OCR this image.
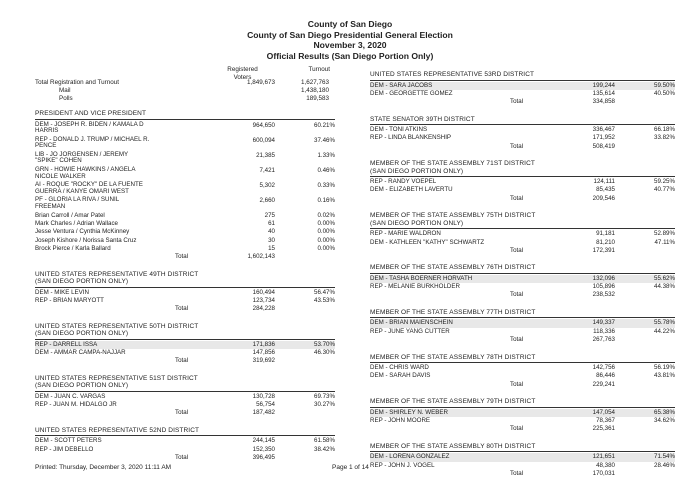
County of San Diego
County of San Diego Presidential General Election
November 3, 2020
Official Results (San Diego Portion Only)
Registered
Voters
Turnout
Total Registration and Turnout	1,849,673	1,627,763
Mail	1,438,180
Polls	189,583
PRESIDENT AND VICE PRESIDENT
DEM - JOSEPH R. BIDEN / KAMALA D
HARRIS
964,650	60.21%
REP - DONALD J. TRUMP / MICHAEL R.
PENCE
600,094	37.46%
LIB - JO JORGENSEN / JEREMY
"SPIKE" COHEN
21,385	1.33%
GRN - HOWIE HAWKINS / ANGELA
NICOLE WALKER
7,421	0.46%
AI - ROQUE "ROCKY" DE LA FUENTE
GUERRA / KANYE OMARI WEST
5,302	0.33%
PF - GLORIA LA RIVA / SUNIL
FREEMAN
2,660	0.16%
Brian Carroll / Amar Patel	275	0.02%
Mark Charles / Adrian Wallace	61	0.00%
Jesse Ventura / Cynthia McKinney	40	0.00%
Joseph Kishore / Norissa Santa Cruz	30	0.00%
Brock Pierce / Karla Ballard	15	0.00%
Total	1,602,143
UNITED STATES REPRESENTATIVE 49TH DISTRICT
(SAN DIEGO PORTION ONLY)
DEM - MIKE LEVIN	160,494	56.47%
REP - BRIAN MARYOTT	123,734	43.53%
Total	284,228
UNITED STATES REPRESENTATIVE 50TH DISTRICT
(SAN DIEGO PORTION ONLY)
REP - DARRELL ISSA	171,836	53.70%
DEM - AMMAR CAMPA-NAJJAR	147,856	46.30%
Total	319,692
UNITED STATES REPRESENTATIVE 51ST DISTRICT
(SAN DIEGO PORTION ONLY)
DEM - JUAN C. VARGAS	130,728	69.73%
REP - JUAN M. HIDALGO JR	56,754	30.27%
Total	187,482
UNITED STATES REPRESENTATIVE 52ND DISTRICT
DEM - SCOTT PETERS	244,145	61.58%
REP - JIM DEBELLO	152,350	38.42%
Total	396,495
UNITED STATES REPRESENTATIVE 53RD DISTRICT
DEM - SARA JACOBS	199,244	59.50%
DEM - GEORGETTE GÓMEZ	135,614	40.50%
Total	334,858
STATE SENATOR 39TH DISTRICT
DEM - TONI ATKINS	336,467	66.18%
REP - LINDA BLANKENSHIP	171,952	33.82%
Total	508,419
MEMBER OF THE STATE ASSEMBLY 71ST DISTRICT
(SAN DIEGO PORTION ONLY)
REP - RANDY VOEPEL	124,111	59.25%
DEM - ELIZABETH LAVERTU	85,435	40.77%
Total	209,546
MEMBER OF THE STATE ASSEMBLY 75TH DISTRICT
(SAN DIEGO PORTION ONLY)
REP - MARIE WALDRON	91,181	52.89%
DEM - KATHLEEN "KATHY" SCHWARTZ	81,210	47.11%
Total	172,391
MEMBER OF THE STATE ASSEMBLY 76TH DISTRICT
DEM - TASHA BOERNER HORVATH	132,096	55.62%
REP - MELANIE BURKHOLDER	105,896	44.38%
Total	238,532
MEMBER OF THE STATE ASSEMBLY 77TH DISTRICT
DEM - BRIAN MAIENSCHEIN	149,337	55.78%
REP - JUNE YANG CUTTER	118,336	44.22%
Total	267,763
MEMBER OF THE STATE ASSEMBLY 78TH DISTRICT
DEM - CHRIS WARD	142,756	56.19%
DEM - SARAH DAVIS	86,446	43.81%
Total	229,241
MEMBER OF THE STATE ASSEMBLY 79TH DISTRICT
DEM - SHIRLEY N. WEBER	147,054	65.38%
REP - JOHN MOORE	78,367	34.62%
Total	225,361
MEMBER OF THE STATE ASSEMBLY 80TH DISTRICT
DEM - LORENA GONZALEZ	121,651	71.54%
REP - JOHN J. VOGEL	48,380	28.46%
Total	170,031
Printed: Thursday, December 3, 2020 11:11 AM	Page 1 of 14
